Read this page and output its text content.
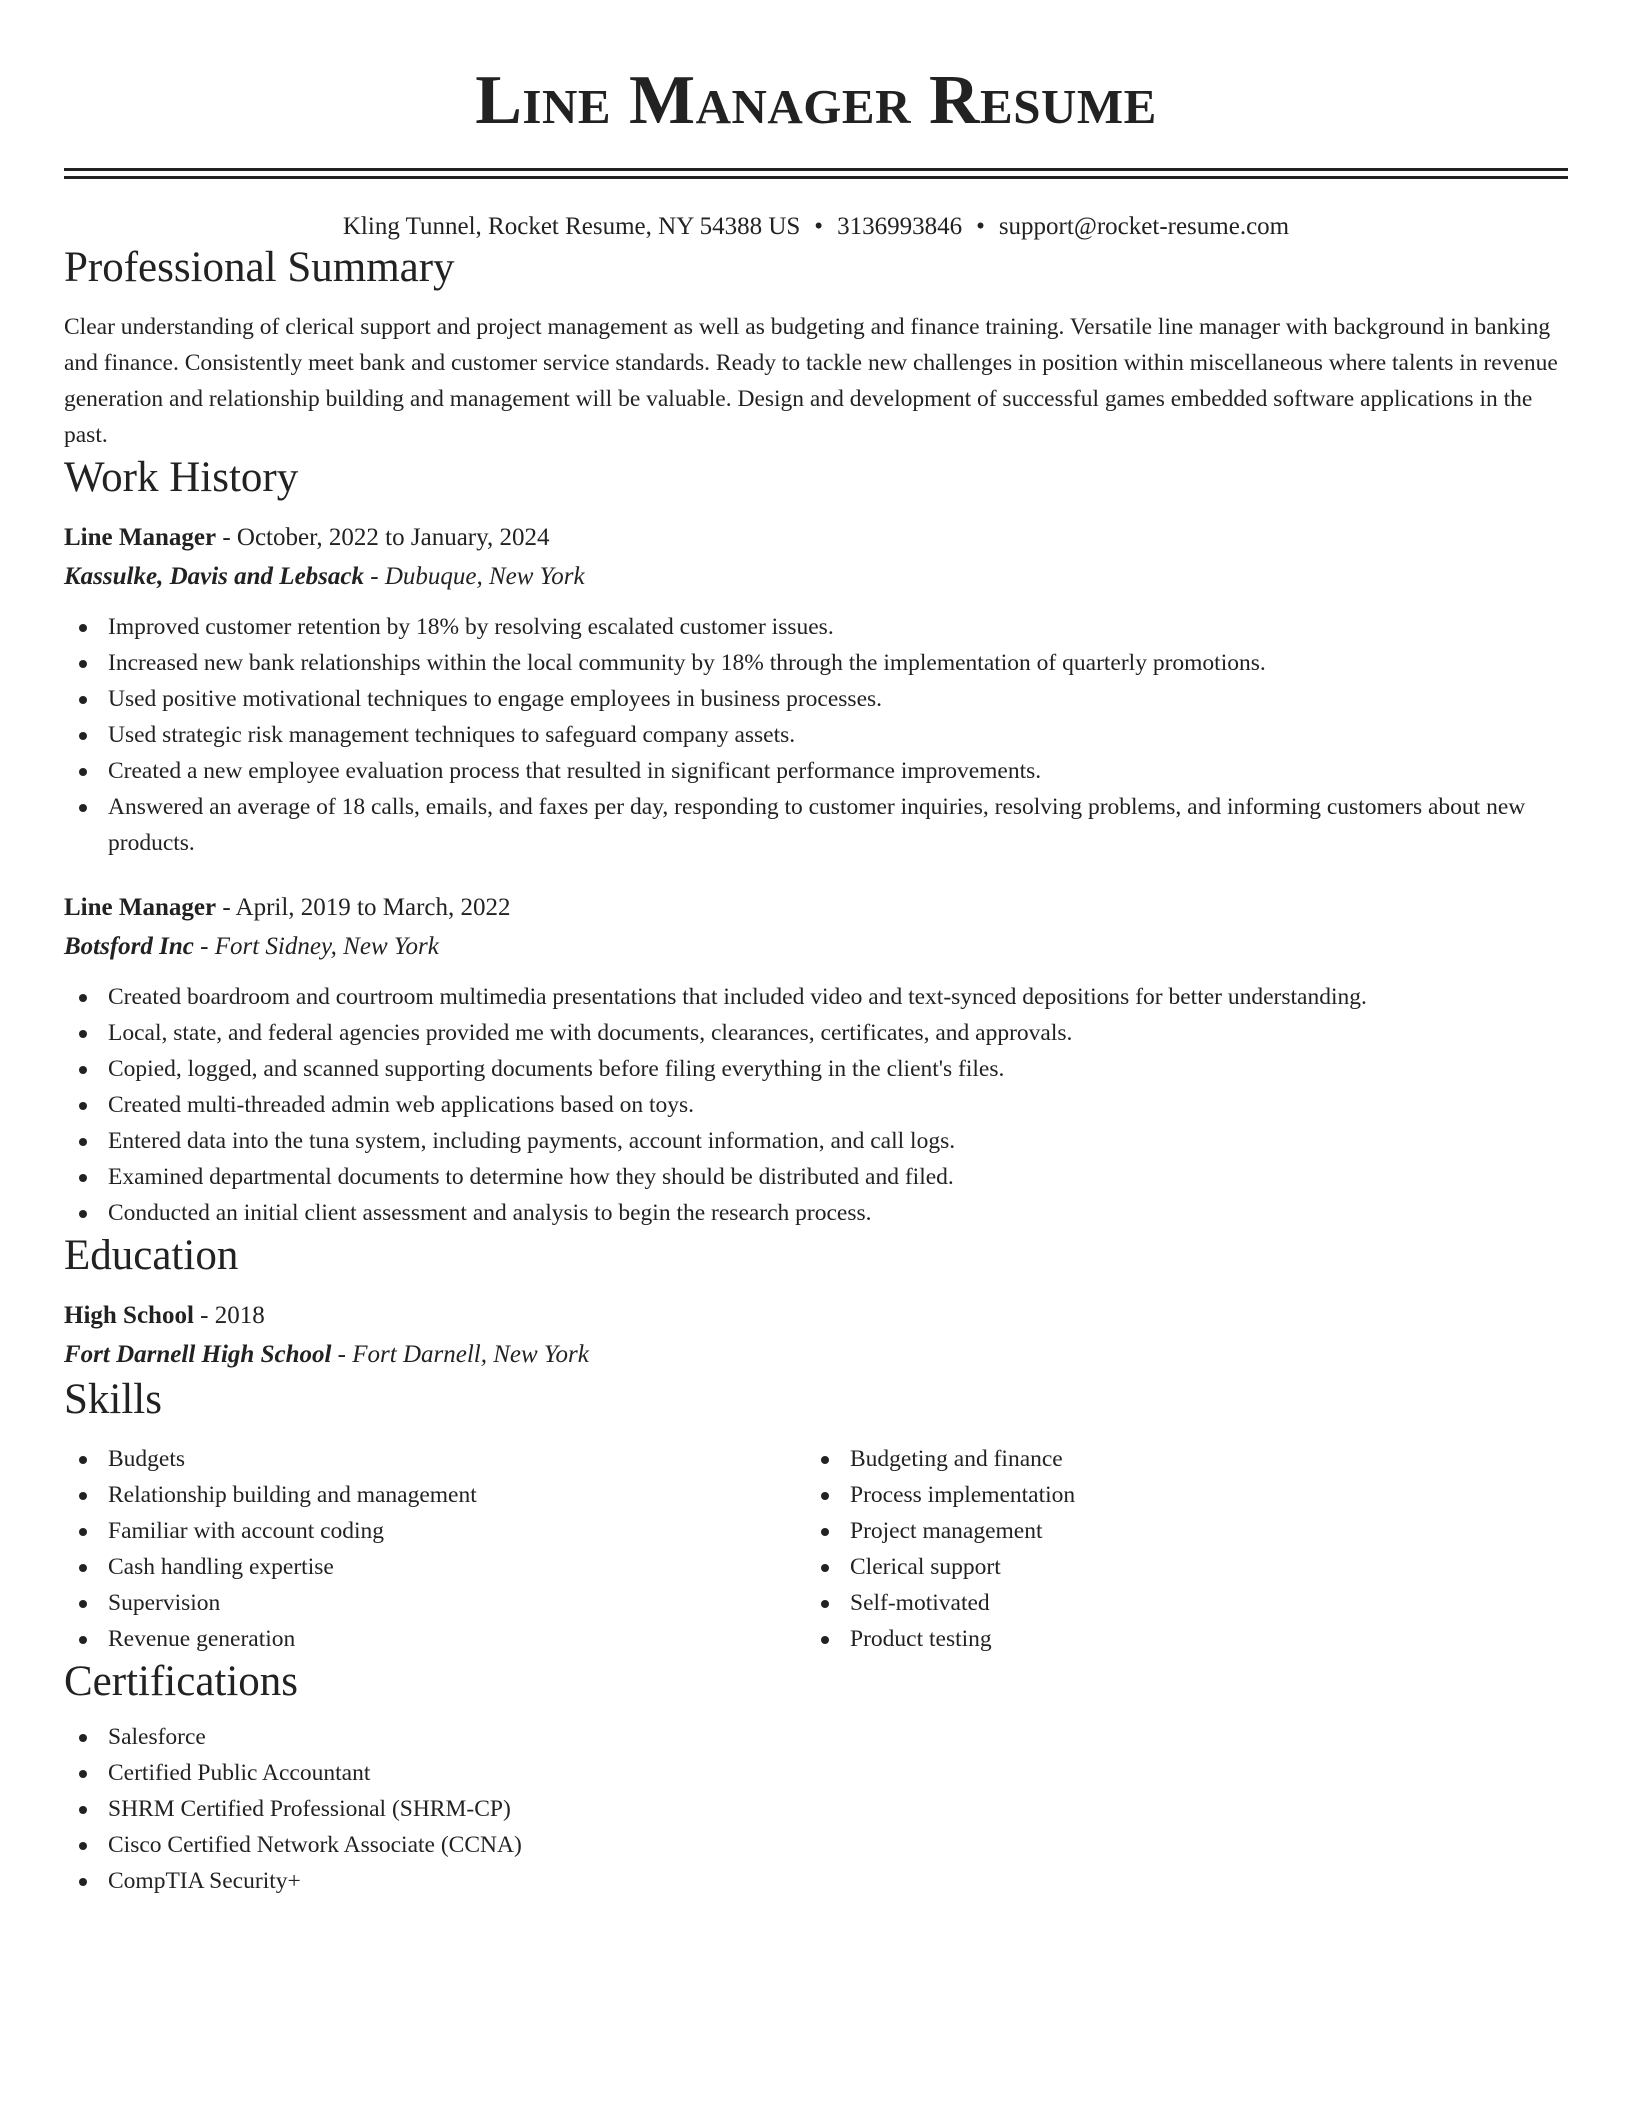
Line Manager Resume
Kling Tunnel, Rocket Resume, NY 54388 US • 3136993846 • support@rocket-resume.com
Professional Summary

Clear understanding of clerical support and project management as well as budgeting and finance training. Versatile line manager with background in banking and finance. Consistently meet bank and customer service standards. Ready to tackle new challenges in position within miscellaneous where talents in revenue generation and relationship building and management will be valuable. Design and development of successful games embedded software applications in the past.

Work History
Line Manager - October, 2022 to January, 2024
Kassulke, Davis and Lebsack - Dubuque, New York
Improved customer retention by 18% by resolving escalated customer issues.
Increased new bank relationships within the local community by 18% through the implementation of quarterly promotions.
Used positive motivational techniques to engage employees in business processes.
Used strategic risk management techniques to safeguard company assets.
Created a new employee evaluation process that resulted in significant performance improvements.
Answered an average of 18 calls, emails, and faxes per day, responding to customer inquiries, resolving problems, and informing customers about new products.
Line Manager - April, 2019 to March, 2022
Botsford Inc - Fort Sidney, New York
Created boardroom and courtroom multimedia presentations that included video and text-synced depositions for better understanding.
Local, state, and federal agencies provided me with documents, clearances, certificates, and approvals.
Copied, logged, and scanned supporting documents before filing everything in the client's files.
Created multi-threaded admin web applications based on toys.
Entered data into the tuna system, including payments, account information, and call logs.
Examined departmental documents to determine how they should be distributed and filed.
Conducted an initial client assessment and analysis to begin the research process.
Education
High School - 2018
Fort Darnell High School - Fort Darnell, New York
Skills
Budgets
Relationship building and management
Familiar with account coding
Cash handling expertise
Supervision
Revenue generation
Budgeting and finance
Process implementation
Project management
Clerical support
Self-motivated
Product testing
Certifications
Salesforce
Certified Public Accountant
SHRM Certified Professional (SHRM-CP)
Cisco Certified Network Associate (CCNA)
CompTIA Security+
